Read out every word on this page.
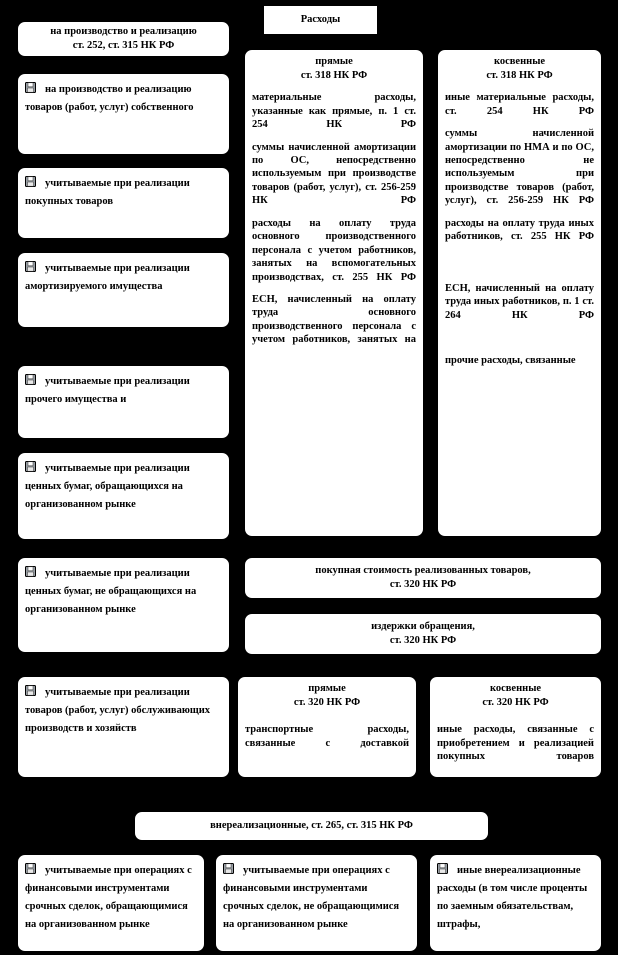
Расходы
на производство и реализацию
ст. 252, ст. 315 НК РФ
прямые
ст. 318 НК РФ

материальные расходы, указанные как прямые, п. 1 ст. 254 НК РФ

суммы начисленной амортизации по ОС, непосредственно используемым при производстве товаров (работ, услуг), ст. 256-259 НК РФ

расходы на оплату труда основного производственного персонала с учетом работников, занятых на вспомогательных производствах, ст. 255 НК РФ

ЕСН, начисленный на оплату труда основного производственного персонала с учетом работников, занятых на

косвенные
ст. 318 НК РФ

иные материальные расходы, ст. 254 НК РФ

суммы начисленной амортизации по НМА и по ОС, непосредственно не используемым при производстве товаров (работ, услуг), ст. 256-259 НК РФ

расходы на оплату труда иных работников, ст. 255 НК РФ

ЕСН, начисленный на оплату труда иных работников, п. 1 ст. 264 НК РФ

прочие расходы, связанные

на производство и реализацию товаров (работ, услуг) собственного
учитываемые при реализации покупных товаров
учитываемые при реализации амортизируемого имущества
учитываемые при реализации прочего имущества и
учитываемые при реализации ценных бумаг, обращающихся на организованном рынке
учитываемые при реализации ценных бумаг, не обращающихся на организованном рынке
учитываемые при реализации товаров (работ, услуг) обслуживающих производств и хозяйств
покупная стоимость реализованных товаров,
ст. 320 НК РФ
издержки обращения,
ст. 320 НК РФ
прямые
ст. 320 НК РФ

транспортные расходы, связанные с доставкой

косвенные
ст. 320 НК РФ

иные расходы, связанные с приобретением и реализацией покупных товаров

внереализационные, ст. 265, ст. 315 НК РФ
учитываемые при операциях с финансовыми инструментами срочных сделок, обращающимися на организованном рынке
учитываемые при операциях с финансовыми инструментами срочных сделок, не обращающимися на организованном рынке
иные внереализационные расходы (в том числе проценты по заемным обязательствам, штрафы,
